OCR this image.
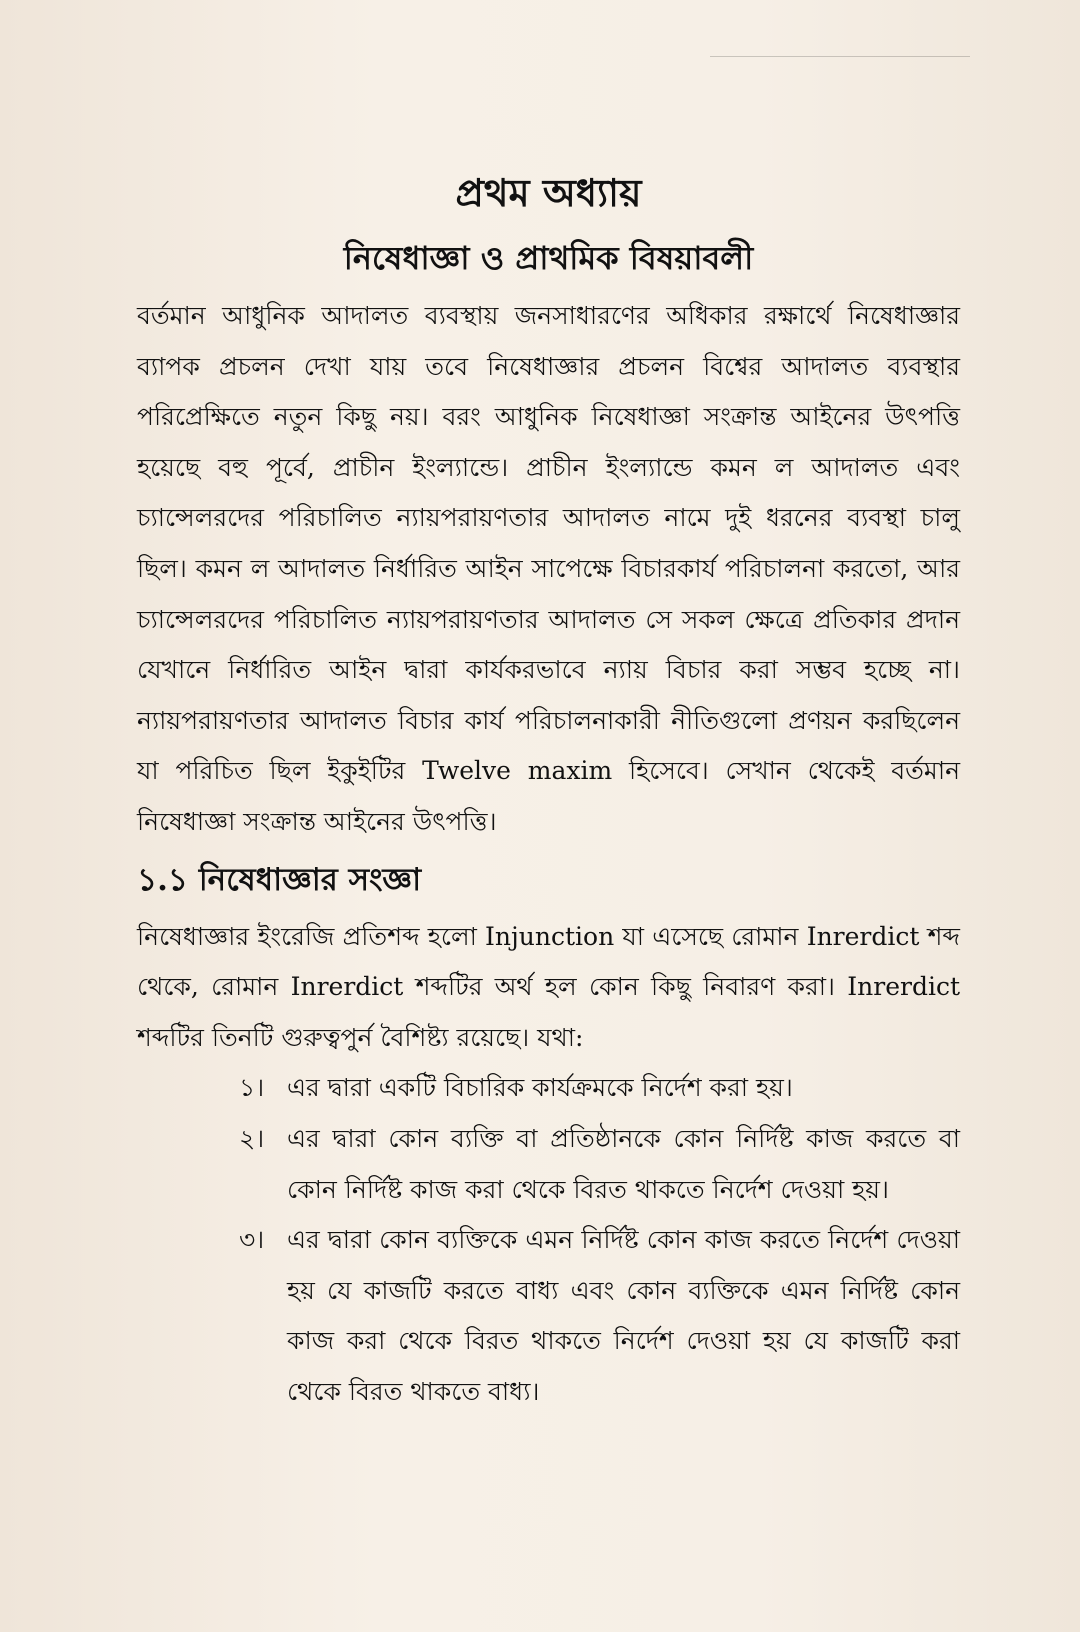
প্রথম অধ্যায়
নিষেধাজ্ঞা ও প্রাথমিক বিষয়াবলী

বর্তমান আধুনিক আদালত ব্যবস্থায় জনসাধারণের অধিকার রক্ষার্থে নিষেধাজ্ঞার ব্যাপক প্রচলন দেখা যায় তবে নিষেধাজ্ঞার প্রচলন বিশ্বের আদালত ব্যবস্থার পরিপ্রেক্ষিতে নতুন কিছু নয়। বরং আধুনিক নিষেধাজ্ঞা সংক্রান্ত আইনের উৎপত্তি হয়েছে বহু পূর্বে, প্রাচীন ইংল্যান্ডে। প্রাচীন ইংল্যান্ডে কমন ল আদালত এবং চ্যান্সেলরদের পরিচালিত ন্যায়পরায়ণতার আদালত নামে দুই ধরনের ব্যবস্থা চালু ছিল। কমন ল আদালত নির্ধারিত আইন সাপেক্ষে বিচারকার্য পরিচালনা করতো, আর চ্যান্সেলরদের পরিচালিত ন্যায়পরায়ণতার আদালত সে সকল ক্ষেত্রে প্রতিকার প্রদান যেখানে নির্ধারিত আইন দ্বারা কার্যকরভাবে ন্যায় বিচার করা সম্ভব হচ্ছে না। ন্যায়পরায়ণতার আদালত বিচার কার্য পরিচালনাকারী নীতিগুলো প্রণয়ন করছিলেন যা পরিচিত ছিল ইকুইটির Twelve maxim হিসেবে। সেখান থেকেই বর্তমান নিষেধাজ্ঞা সংক্রান্ত আইনের উৎপত্তি।

১.১ নিষেধাজ্ঞার সংজ্ঞা

নিষেধাজ্ঞার ইংরেজি প্রতিশব্দ হলো Injunction যা এসেছে রোমান Inrerdict শব্দ থেকে, রোমান Inrerdict শব্দটির অর্থ হল কোন কিছু নিবারণ করা। Inrerdict শব্দটির তিনটি গুরুত্বপুর্ন বৈশিষ্ট্য রয়েছে। যথা:

১। এর দ্বারা একটি বিচারিক কার্যক্রমকে নির্দেশ করা হয়।
২। এর দ্বারা কোন ব্যক্তি বা প্রতিষ্ঠানকে কোন নির্দিষ্ট কাজ করতে বা কোন নির্দিষ্ট কাজ করা থেকে বিরত থাকতে নির্দেশ দেওয়া হয়।
৩। এর দ্বারা কোন ব্যক্তিকে এমন নির্দিষ্ট কোন কাজ করতে নির্দেশ দেওয়া হয় যে কাজটি করতে বাধ্য এবং কোন ব্যক্তিকে এমন নির্দিষ্ট কোন কাজ করা থেকে বিরত থাকতে নির্দেশ দেওয়া হয় যে কাজটি করা থেকে বিরত থাকতে বাধ্য।
